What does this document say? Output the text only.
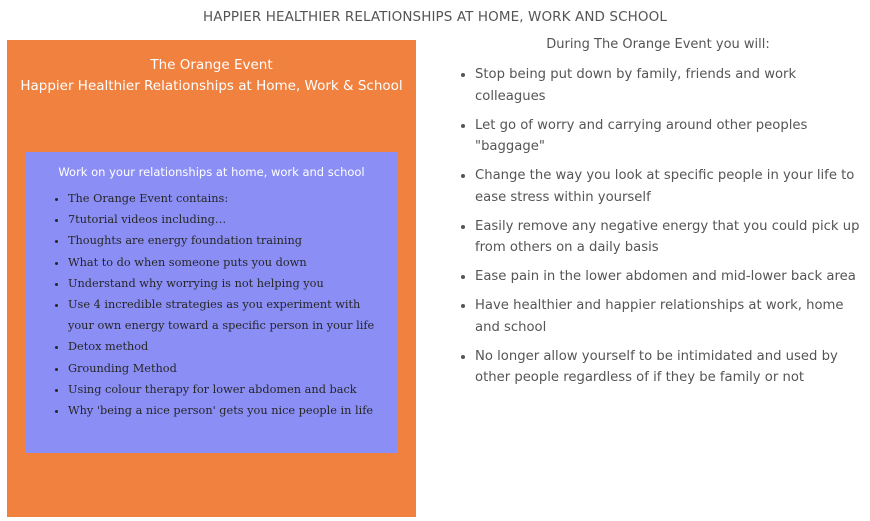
HAPPIER HEALTHIER RELATIONSHIPS AT HOME, WORK AND SCHOOL
The Orange Event
Happier Healthier Relationships at Home, Work & School
Work on your relationships at home, work and school
• The Orange Event contains:
• 7tutorial videos including…
• Thoughts are energy foundation training
• What to do when someone puts you down
• Understand why worrying is not helping you
• Use 4 incredible strategies as you experiment with your own energy toward a specific person in your life
• Detox method
• Grounding Method
• Using colour therapy for lower abdomen and back
• Why 'being a nice person' gets you nice people in life
During The Orange Event you will:
• Stop being put down by family, friends and work colleagues
• Let go of worry and carrying around other peoples "baggage"
• Change the way you look at specific people in your life to ease stress within yourself
• Easily remove any negative energy that you could pick up from others on a daily basis
• Ease pain in the lower abdomen and mid-lower back area
• Have healthier and happier relationships at work, home and school
• No longer allow yourself to be intimidated and used by other people regardless of if they be family or not
